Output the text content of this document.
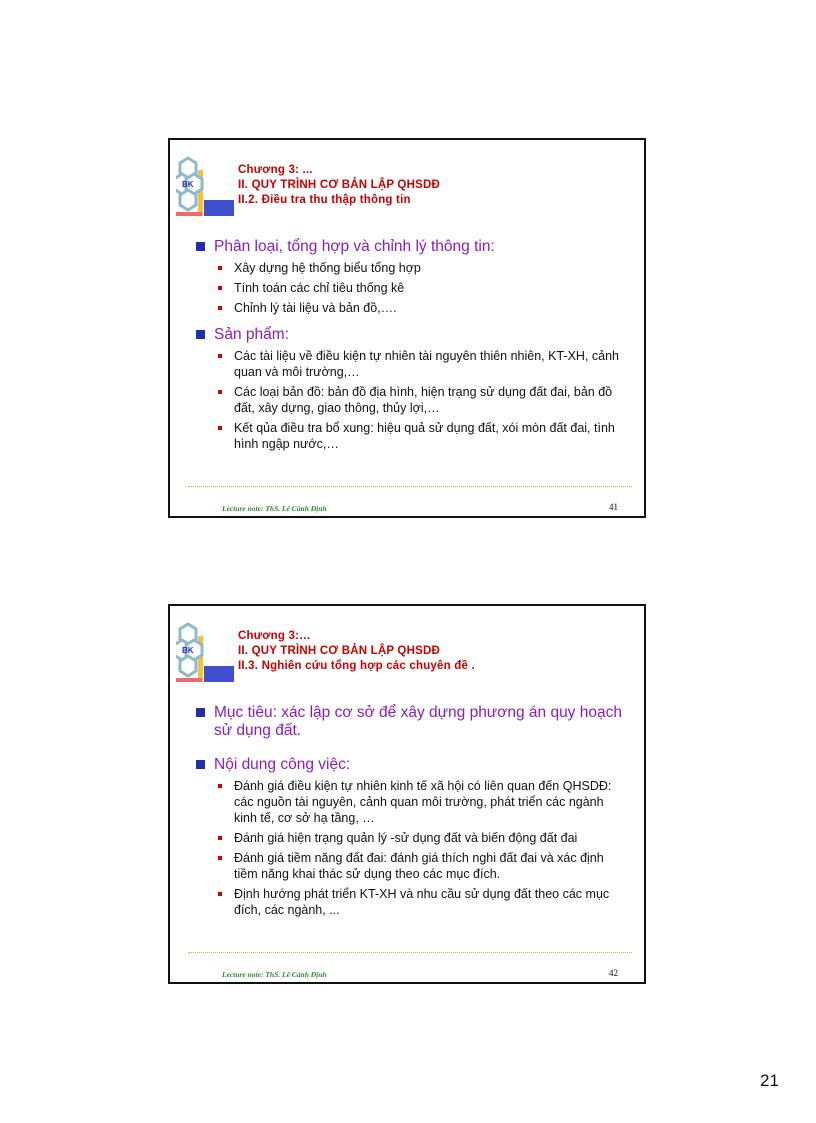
BK
Chương 3: ...
II. QUY TRÌNH CƠ BẢN LẬP QHSDĐ
II.2. Điều tra thu thập thông tin
Phân loại, tổng hợp và chỉnh lý thông tin:
Xây dựng hệ thống biểu tổng hợp
Tính toán các chỉ tiêu thống kê
Chỉnh lý tài liệu và bản đồ,….
Sản phẩm:
Các tài liệu về điều kiện tự nhiên tài nguyên thiên nhiên, KT-XH, cảnh quan và môi trường,…
Các loại bản đồ: bản đồ địa hình, hiện trạng sử dụng đất đai, bản đồ đất, xây dựng, giao thông, thủy lợi,…
Kết qủa điều tra bổ xung: hiệu quả sử dụng đất, xói mòn đất đai, tình hình ngập nước,…
Lecture note: ThS. Lê Cảnh Định	41
BK
Chương 3:…
II. QUY TRÌNH CƠ BẢN LẬP QHSDĐ
II.3. Nghiên cứu tổng hợp các chuyên đề .
Mục tiêu: xác lập cơ sở để xây dựng phương án quy hoạch sử dụng đất.
Nội dung công việc:
Đánh giá điều kiện tự nhiên kinh tế xã hội có liên quan đến QHSDĐ: các nguồn tài nguyên, cảnh quan môi trường, phát triển các ngành kinh tế, cơ sở hạ tầng, …
Đánh giá hiện trạng quản lý -sử dụng đất và biến động đất đai
Đánh giá tiềm năng đất đai: đánh giá thích nghi đất đai và xác định tiềm năng khai thác sử dụng theo các mục đích.
Định hướng phát triển KT-XH và nhu cầu sử dụng đất theo các mục đích, các ngành, ...
Lecture note: ThS. Lê Cảnh Định	42
21
